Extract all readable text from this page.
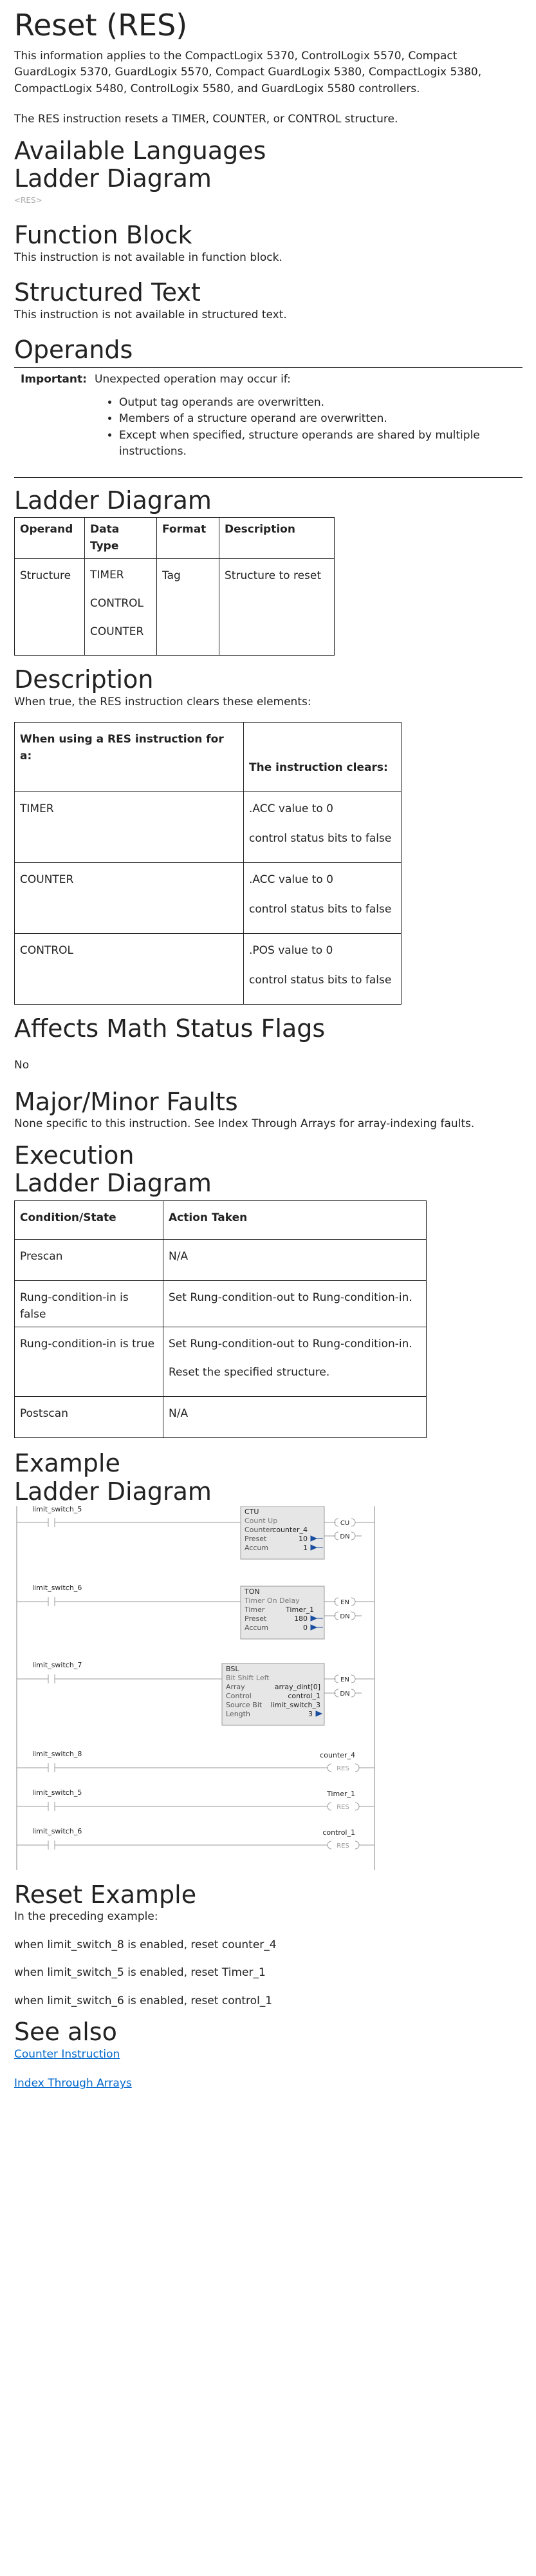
Reset (RES)

This information applies to the CompactLogix 5370, ControlLogix 5570, Compact GuardLogix 5370, GuardLogix 5570, Compact GuardLogix 5380, CompactLogix 5380, CompactLogix 5480, ControlLogix 5580, and GuardLogix 5580 controllers.

The RES instruction resets a TIMER, COUNTER, or CONTROL structure.

Available Languages
Ladder Diagram

<RES>

Function Block

This instruction is not available in function block.

Structured Text

This instruction is not available in structured text.

Operands
Important: Unexpected operation may occur if:

• Output tag operands are overwritten.
• Members of a structure operand are overwritten.
• Except when specified, structure operands are shared by multiple instructions.
Ladder Diagram
Operand	Data Type	Format	Description
Structure	TIMER
CONTROL
COUNTER	Tag	Structure to reset
Description

When true, the RES instruction clears these elements:

When using a RES instruction for a:	The instruction clears:
TIMER	.ACC value to 0
control status bits to false

COUNTER	.ACC value to 0
control status bits to false

CONTROL	.POS value to 0
control status bits to false
Affects Math Status Flags

No

Major/Minor Faults

None specific to this instruction. See Index Through Arrays for array-indexing faults.

Execution
Ladder Diagram
Condition/State	Action Taken
Prescan	N/A
Rung-condition-in is false	Set Rung-condition-out to Rung-condition-in.
Rung-condition-in is true	Set Rung-condition-out to Rung-condition-in.
Reset the specified structure.

Postscan	N/A
Example
Ladder Diagram
limit_switch_5	CTU
Count Up
Counter counter_4
Preset	10
Accum	1
CU
DN
limit_switch_6	TON
Timer On Delay
Timer	Timer_1
Preset	180
Accum	0
EN
DN
limit_switch_7	BSL
Bit Shift Left
Array	array_dint[0]
Control	control_1
Source Bit limit_switch_3
Length	3
EN
DN
limit_switch_8	counter_4
RES
limit_switch_5	Timer_1
RES
limit_switch_6	control_1
RES
Reset Example

In the preceding example:

when limit_switch_8 is enabled, reset counter_4

when limit_switch_5 is enabled, reset Timer_1

when limit_switch_6 is enabled, reset control_1

See also

Counter Instruction

Index Through Arrays
